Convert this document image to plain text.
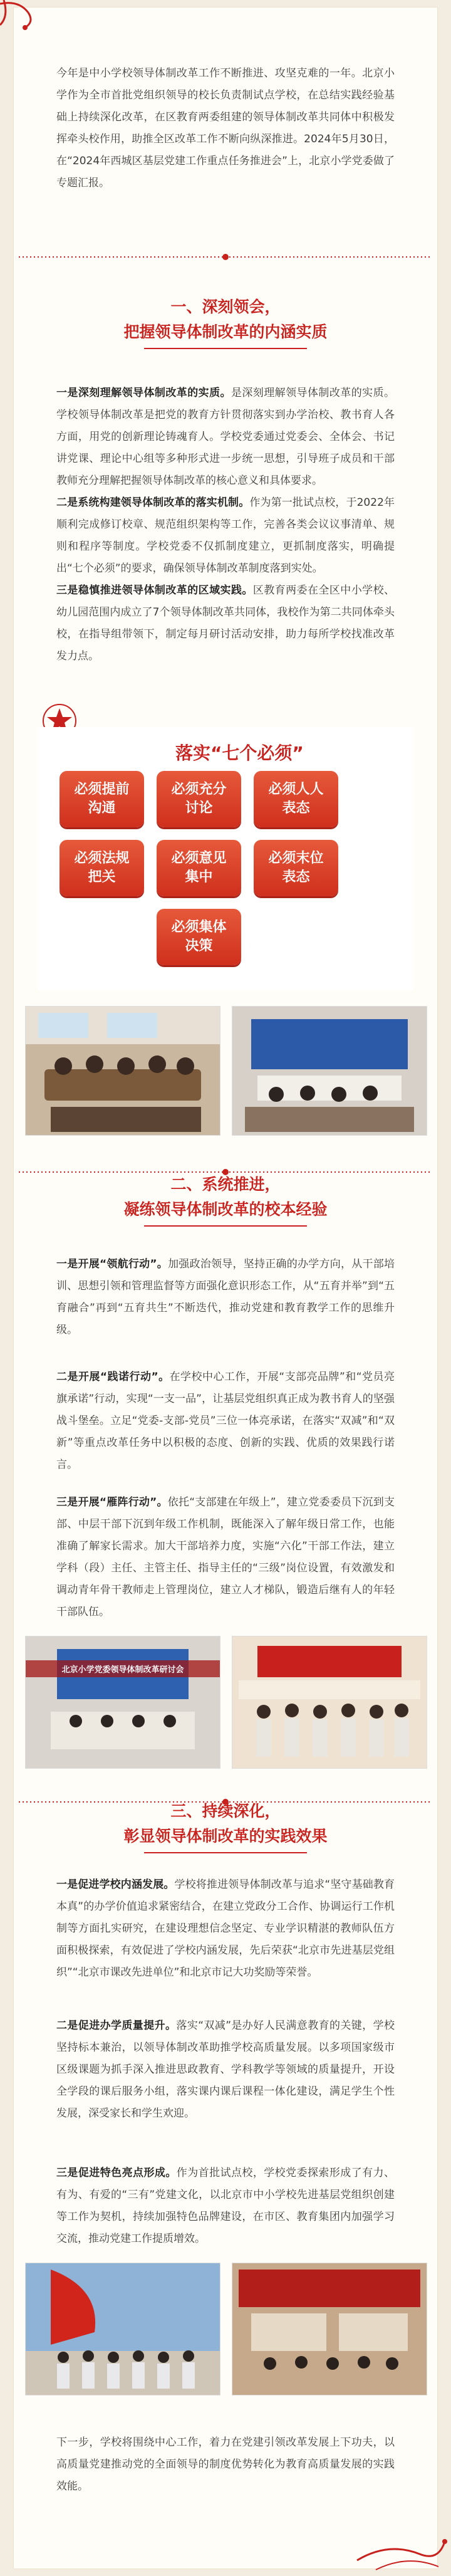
今年是中小学校领导体制改革工作不断推进、攻坚克难的一年。北京小学作为全市首批党组织领导的校长负责制试点学校，在总结实践经验基础上持续深化改革，在区教育两委组建的领导体制改革共同体中积极发挥牵头校作用，助推全区改革工作不断向纵深推进。2024年5月30日，在“2024年西城区基层党建工作重点任务推进会”上，北京小学党委做了专题汇报。

一、深刻领会，
把握领导体制改革的内涵实质

一是深刻理解领导体制改革的实质。是深刻理解领导体制改革的实质。学校领导体制改革是把党的教育方针贯彻落实到办学治校、教书育人各方面，用党的创新理论铸魂育人。学校党委通过党委会、全体会、书记讲党课、理论中心组等多种形式进一步统一思想，引导班子成员和干部教师充分理解把握领导体制改革的核心意义和具体要求。

二是系统构建领导体制改革的落实机制。作为第一批试点校，于2022年顺利完成修订校章、规范组织架构等工作，完善各类会议议事清单、规则和程序等制度。学校党委不仅抓制度建立，更抓制度落实，明确提出“七个必须”的要求，确保领导体制改革制度落到实处。

三是稳慎推进领导体制改革的区域实践。区教育两委在全区中小学校、幼儿园范围内成立了7个领导体制改革共同体，我校作为第二共同体牵头校，在指导组带领下，制定每月研讨活动安排，助力每所学校找准改革发力点。

落实“七个必须”
必须提前沟通
必须充分讨论
必须人人表态
必须法规把关
必须意见集中
必须末位表态
必须集体决策
二、系统推进，
凝练领导体制改革的校本经验

一是开展“领航行动”。加强政治领导，坚持正确的办学方向，从干部培训、思想引领和管理监督等方面强化意识形态工作，从“五育并举”到“五育融合”再到“五育共生”不断迭代，推动党建和教育教学工作的思维升级。

二是开展“践诺行动”。在学校中心工作，开展“支部亮品牌”和“党员亮旗承诺”行动，实现“一支一品”，让基层党组织真正成为教书育人的坚强战斗堡垒。立足“党委-支部-党员”三位一体亮承诺，在落实“双减”和“双新”等重点改革任务中以积极的态度、创新的实践、优质的效果践行诺言。

三是开展“雁阵行动”。依托“支部建在年级上”，建立党委委员下沉到支部、中层干部下沉到年级工作机制，既能深入了解年级日常工作，也能准确了解家长需求。加大干部培养力度，实施“六化”干部工作法，建立学科（段）主任、主管主任、指导主任的“三级”岗位设置，有效激发和调动青年骨干教师走上管理岗位，建立人才梯队，锻造后继有人的年轻干部队伍。

北京小学党委领导体制改革研讨会
三、持续深化，
彰显领导体制改革的实践效果

一是促进学校内涵发展。学校将推进领导体制改革与追求“坚守基础教育本真”的办学价值追求紧密结合，在建立党政分工合作、协调运行工作机制等方面扎实研究，在建设理想信念坚定、专业学识精湛的教师队伍方面积极探索，有效促进了学校内涵发展，先后荣获“北京市先进基层党组织”“北京市课改先进单位”和北京市记大功奖励等荣誉。

二是促进办学质量提升。落实“双减”是办好人民满意教育的关键，学校坚持标本兼治，以领导体制改革助推学校高质量发展。以多项国家级市区级课题为抓手深入推进思政教育、学科教学等领域的质量提升，开设全学段的课后服务小组，落实课内课后课程一体化建设，满足学生个性发展，深受家长和学生欢迎。

三是促进特色亮点形成。作为首批试点校，学校党委探索形成了有力、有为、有爱的“三有”党建文化，以北京市中小学校先进基层党组织创建等工作为契机，持续加强特色品牌建设，在市区、教育集团内加强学习交流，推动党建工作提质增效。

下一步，学校将围绕中心工作，着力在党建引领改革发展上下功夫，以高质量党建推动党的全面领导的制度优势转化为教育高质量发展的实践效能。
